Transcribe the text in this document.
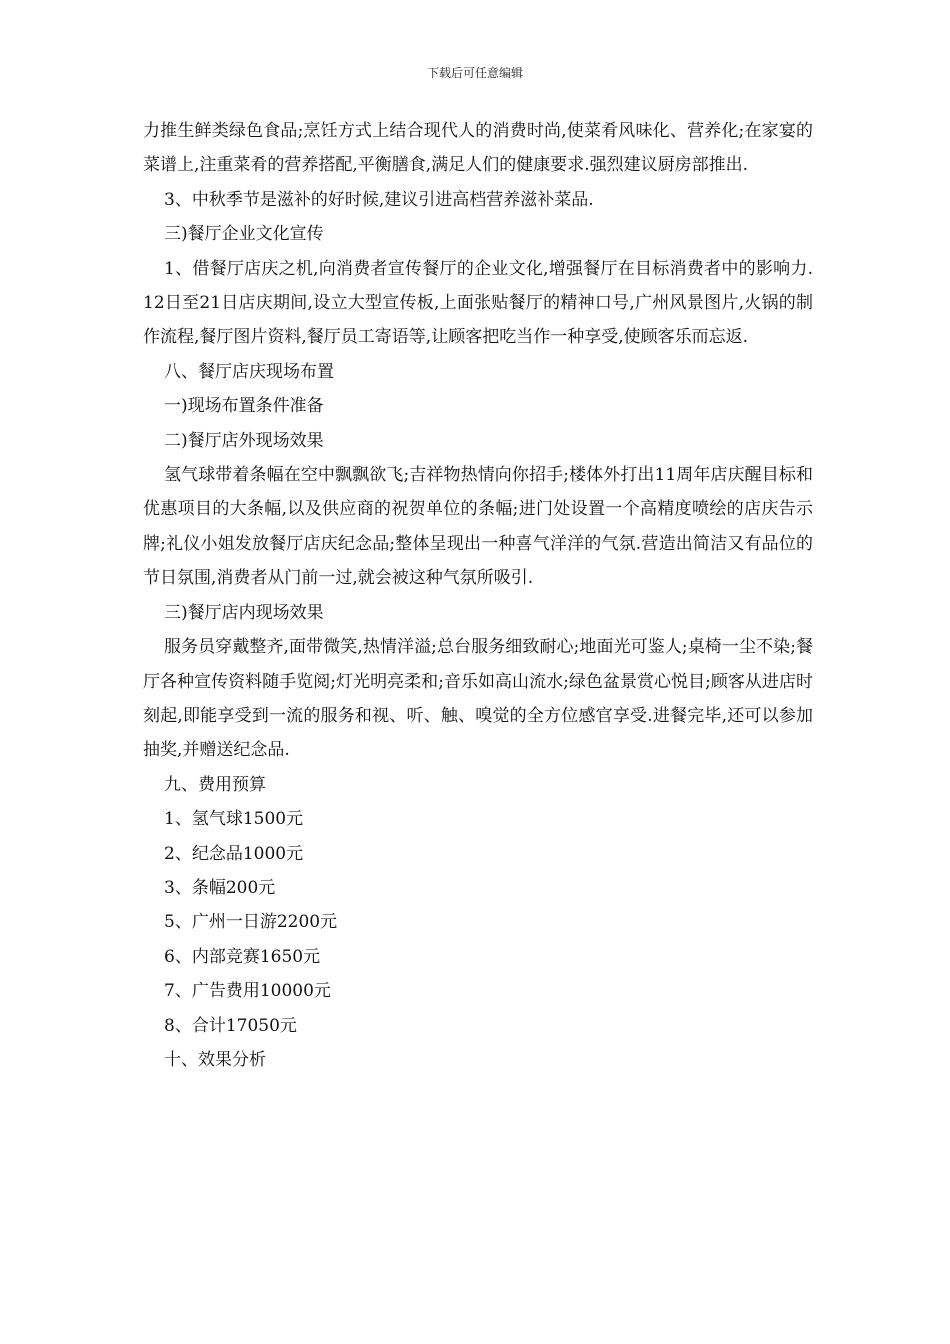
下载后可任意编辑

力推生鲜类绿色食品;烹饪方式上结合现代人的消费时尚,使菜肴风味化、营养化;在家宴的菜谱上,注重菜肴的营养搭配,平衡膳食,满足人们的健康要求.强烈建议厨房部推出.

3、中秋季节是滋补的好时候,建议引进高档营养滋补菜品.

三)餐厅企业文化宣传

1、借餐厅店庆之机,向消费者宣传餐厅的企业文化,增强餐厅在目标消费者中的影响力.12日至21日店庆期间,设立大型宣传板,上面张贴餐厅的精神口号,广州风景图片,火锅的制作流程,餐厅图片资料,餐厅员工寄语等,让顾客把吃当作一种享受,使顾客乐而忘返.

八、餐厅店庆现场布置

一)现场布置条件准备

二)餐厅店外现场效果

氢气球带着条幅在空中飘飘欲飞;吉祥物热情向你招手;楼体外打出11周年店庆醒目标和优惠项目的大条幅,以及供应商的祝贺单位的条幅;进门处设置一个高精度喷绘的店庆告示牌;礼仪小姐发放餐厅店庆纪念品;整体呈现出一种喜气洋洋的气氛.营造出简洁又有品位的节日氛围,消费者从门前一过,就会被这种气氛所吸引.

三)餐厅店内现场效果

服务员穿戴整齐,面带微笑,热情洋溢;总台服务细致耐心;地面光可鉴人;桌椅一尘不染;餐厅各种宣传资料随手览阅;灯光明亮柔和;音乐如高山流水;绿色盆景赏心悦目;顾客从进店时刻起,即能享受到一流的服务和视、听、触、嗅觉的全方位感官享受.进餐完毕,还可以参加抽奖,并赠送纪念品.

九、费用预算

1、氢气球1500元

2、纪念品1000元

3、条幅200元

5、广州一日游2200元

6、内部竞赛1650元

7、广告费用10000元

8、合计17050元

十、效果分析
